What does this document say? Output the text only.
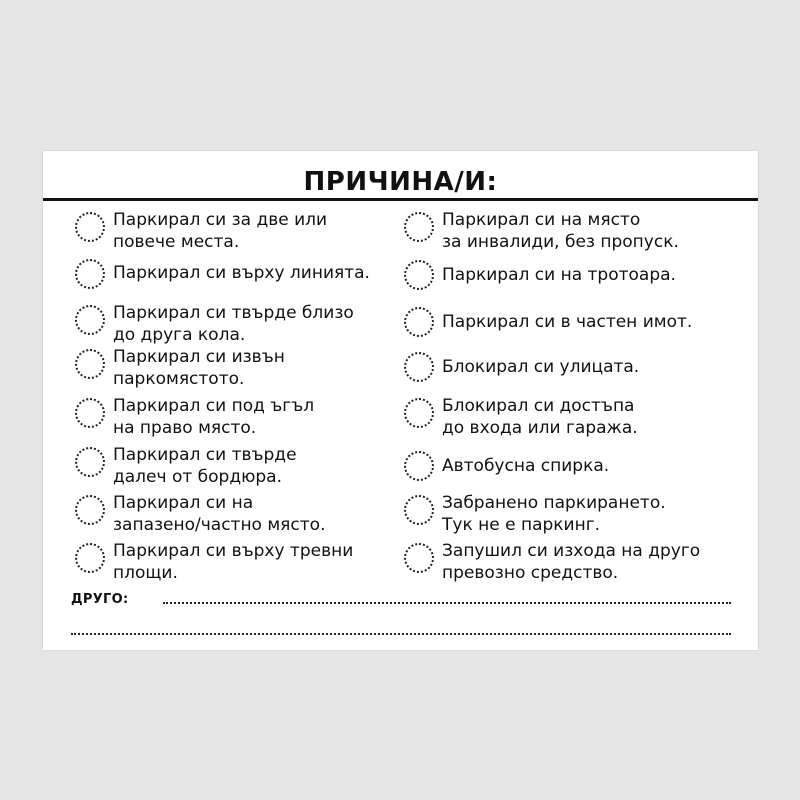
ПРИЧИНА/И:
Паркирал си за две или
повече места.
Паркирал си върху линията.
Паркирал си твърде близо
до друга кола.
Паркирал си извън
паркомястото.
Паркирал си под ъгъл
на право място.
Паркирал си твърде
далеч от бордюра.
Паркирал си на
запазено/частно място.
Паркирал си върху тревни
площи.
Паркирал си на място
за инвалиди, без пропуск.
Паркирал си на тротоара.
Паркирал си в частен имот.
Блокирал си улицата.
Блокирал си достъпа
до входа или гаража.
Автобусна спирка.
Забранено паркирането.
Тук не е паркинг.
Запушил си изхода на друго
превозно средство.
ДРУГО:
